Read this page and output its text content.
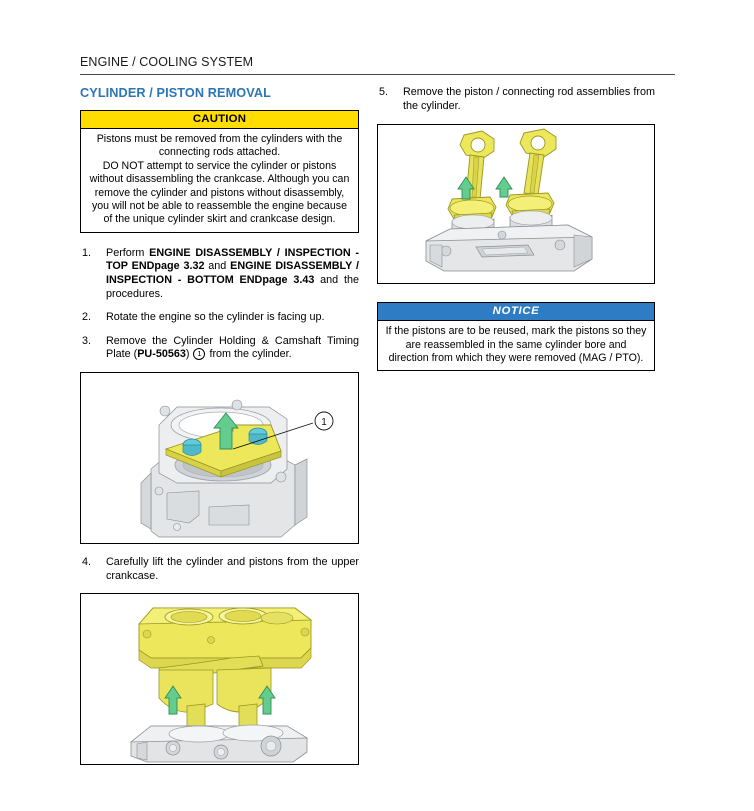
ENGINE / COOLING SYSTEM
CYLINDER / PISTON REMOVAL
CAUTION

Pistons must be removed from the cylinders with the connecting rods attached.

DO NOT attempt to service the cylinder or pistons without disassembling the crankcase. Although you can remove the cylinder and pistons without disassembly, you will not be able to reassemble the engine because of the unique cylinder skirt and crankcase design.

1.	Perform ENGINE DISASSEMBLY / INSPECTION - TOP ENDpage 3.32 and ENGINE DISASSEMBLY / INSPECTION - BOTTOM ENDpage 3.43 and the procedures.
2.	Rotate the engine so the cylinder is facing up.
3.	Remove the Cylinder Holding & Camshaft Timing Plate (PU-50563) 1 from the cylinder.
1
4.	Carefully lift the cylinder and pistons from the upper crankcase.
5.	Remove the piston / connecting rod assemblies from the cylinder.
NOTICE

If the pistons are to be reused, mark the pistons so they are reassembled in the same cylinder bore and direction from which they were removed (MAG / PTO).
